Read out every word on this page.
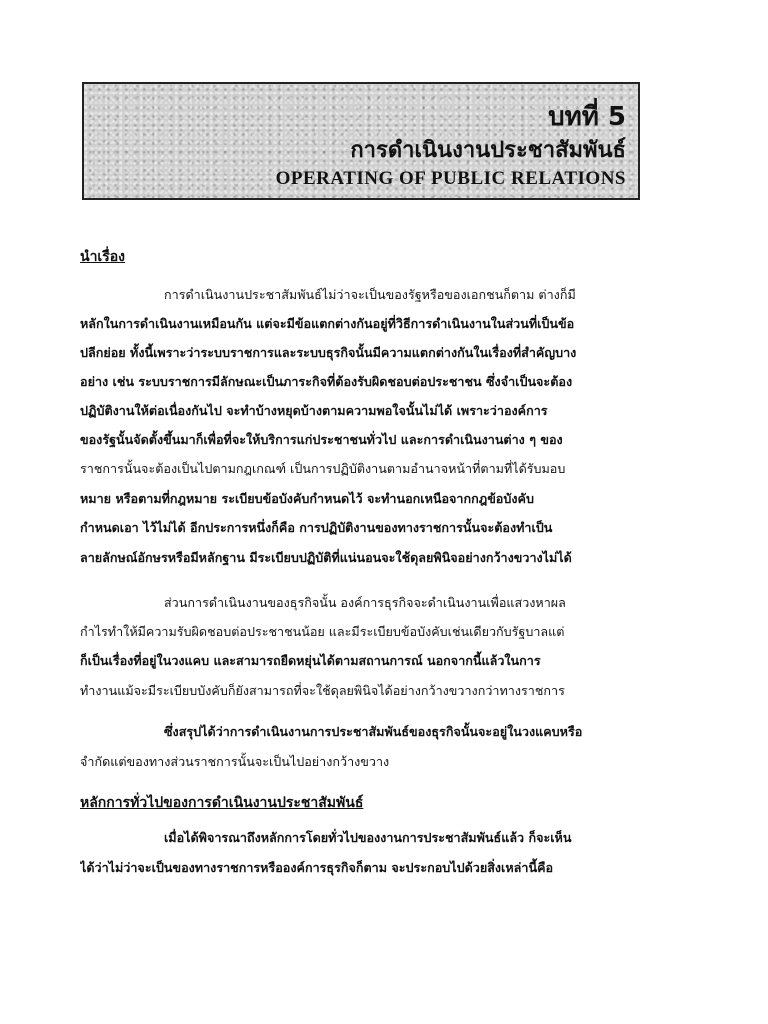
บทที่ 5
การดำเนินงานประชาสัมพันธ์
OPERATING OF PUBLIC RELATIONS
นำเรื่อง
การดำเนินงานประชาสัมพันธ์ไม่ว่าจะเป็นของรัฐหรือของเอกชนก็ตาม ต่างก็มี
หลักในการดำเนินงานเหมือนกัน แต่จะมีข้อแตกต่างกันอยู่ที่วิธีการดำเนินงานในส่วนที่เป็นข้อ
ปลีกย่อย ทั้งนี้เพราะว่าระบบราชการและระบบธุรกิจนั้นมีความแตกต่างกันในเรื่องที่สำคัญบาง
อย่าง เช่น ระบบราชการมีลักษณะเป็นภาระกิจที่ต้องรับผิดชอบต่อประชาชน ซึ่งจำเป็นจะต้อง
ปฏิบัติงานให้ต่อเนื่องกันไป จะทำบ้างหยุดบ้างตามความพอใจนั้นไม่ได้ เพราะว่าองค์การ
ของรัฐนั้นจัดตั้งขึ้นมาก็เพื่อที่จะให้บริการแก่ประชาชนทั่วไป และการดำเนินงานต่าง ๆ ของ
ราชการนั้นจะต้องเป็นไปตามกฎเกณฑ์ เป็นการปฏิบัติงานตามอำนาจหน้าที่ตามที่ได้รับมอบ
หมาย หรือตามที่กฎหมาย ระเบียบข้อบังคับกำหนดไว้ จะทำนอกเหนือจากกฎข้อบังคับ
กำหนดเอา ไว้ไม่ได้ อีกประการหนึ่งก็คือ การปฏิบัติงานของทางราชการนั้นจะต้องทำเป็น
ลายลักษณ์อักษรหรือมีหลักฐาน มีระเบียบปฏิบัติที่แน่นอนจะใช้ดุลยพินิจอย่างกว้างขวางไม่ได้
ส่วนการดำเนินงานของธุรกิจนั้น องค์การธุรกิจจะดำเนินงานเพื่อแสวงหาผล
กำไรทำให้มีความรับผิดชอบต่อประชาชนน้อย และมีระเบียบข้อบังคับเช่นเดียวกับรัฐบาลแต่
ก็เป็นเรื่องที่อยู่ในวงแคบ และสามารถยืดหยุ่นได้ตามสถานการณ์ นอกจากนี้แล้วในการ
ทำงานแม้จะมีระเบียบบังคับก็ยังสามารถที่จะใช้ดุลยพินิจได้อย่างกว้างขวางกว่าทางราชการ
ซึ่งสรุปได้ว่าการดำเนินงานการประชาสัมพันธ์ของธุรกิจนั้นจะอยู่ในวงแคบหรือ
จำกัดแต่ของทางส่วนราชการนั้นจะเป็นไปอย่างกว้างขวาง
หลักการทั่วไปของการดำเนินงานประชาสัมพันธ์
เมื่อได้พิจารณาถึงหลักการโดยทั่วไปของงานการประชาสัมพันธ์แล้ว ก็จะเห็น
ได้ว่าไม่ว่าจะเป็นของทางราชการหรือองค์การธุรกิจก็ตาม จะประกอบไปด้วยสิ่งเหล่านี้คือ
